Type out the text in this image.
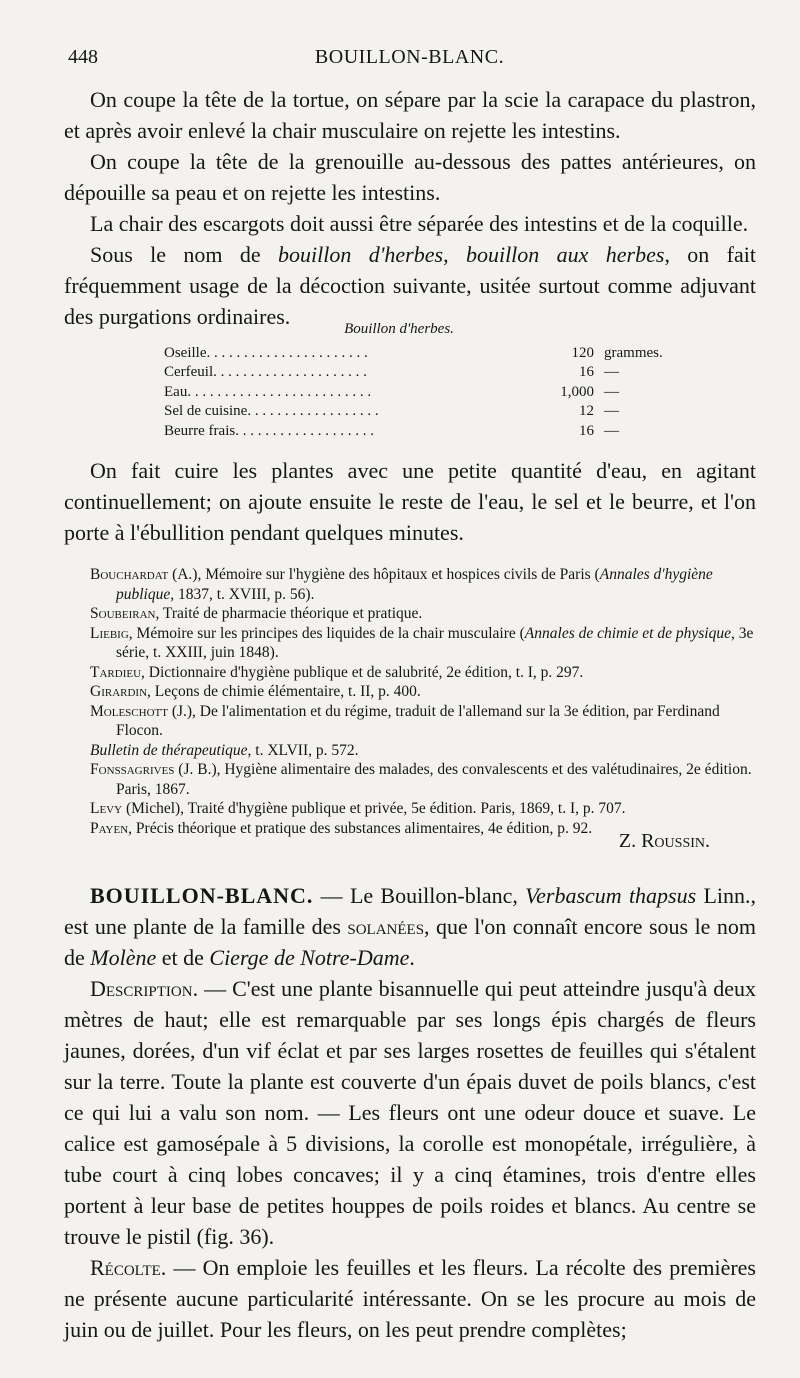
448	BOUILLON-BLANC.

On coupe la tête de la tortue, on sépare par la scie la carapace du plastron, et après avoir enlevé la chair musculaire on rejette les intestins.

On coupe la tête de la grenouille au-dessous des pattes antérieures, on dépouille sa peau et on rejette les intestins.

La chair des escargots doit aussi être séparée des intestins et de la coquille.

Sous le nom de bouillon d'herbes, bouillon aux herbes, on fait fréquemment usage de la décoction suivante, usitée surtout comme adjuvant des purgations ordinaires.	Bouillon d'herbes.
Oseille. . . . . . . . . . . . . . . . . . . . . .	120 grammes.
Cerfeuil. . . . . . . . . . . . . . . . . . . . .	16 —
Eau. . . . . . . . . . . . . . . . . . . . . . . . .	1,000 —
Sel de cuisine. . . . . . . . . . . . . . . . . .	12 —
Beurre frais. . . . . . . . . . . . . . . . . . .	16 —

On fait cuire les plantes avec une petite quantité d'eau, en agitant continuellement; on ajoute ensuite le reste de l'eau, le sel et le beurre, et l'on porte à l'ébullition pendant quelques minutes.

Bouchardat (A.), Mémoire sur l'hygiène des hôpitaux et hospices civils de Paris (Annales d'hygiène publique, 1837, t. XVIII, p. 56).
Soubeiran, Traité de pharmacie théorique et pratique.
Liebig, Mémoire sur les principes des liquides de la chair musculaire (Annales de chimie et de physique, 3e série, t. XXIII, juin 1848).
Tardieu, Dictionnaire d'hygiène publique et de salubrité, 2e édition, t. I, p. 297.
Girardin, Leçons de chimie élémentaire, t. II, p. 400.
Moleschott (J.), De l'alimentation et du régime, traduit de l'allemand sur la 3e édition, par Ferdinand Flocon.
Bulletin de thérapeutique, t. XLVII, p. 572.
Fonssagrives (J. B.), Hygiène alimentaire des malades, des convalescents et des valétudinaires, 2e édition. Paris, 1867.
Levy (Michel), Traité d'hygiène publique et privée, 5e édition. Paris, 1869, t. I, p. 707.
Payen, Précis théorique et pratique des substances alimentaires, 4e édition, p. 92.
Z. Roussin.

BOUILLON-BLANC. — Le Bouillon-blanc, Verbascum thapsus Linn., est une plante de la famille des solanées, que l'on connaît encore sous le nom de Molène et de Cierge de Notre-Dame.

Description. — C'est une plante bisannuelle qui peut atteindre jusqu'à deux mètres de haut; elle est remarquable par ses longs épis chargés de fleurs jaunes, dorées, d'un vif éclat et par ses larges rosettes de feuilles qui s'étalent sur la terre. Toute la plante est couverte d'un épais duvet de poils blancs, c'est ce qui lui a valu son nom. — Les fleurs ont une odeur douce et suave. Le calice est gamosépale à 5 divisions, la corolle est monopétale, irrégulière, à tube court à cinq lobes concaves; il y a cinq étamines, trois d'entre elles portent à leur base de petites houppes de poils roides et blancs. Au centre se trouve le pistil (fig. 36).

Récolte. — On emploie les feuilles et les fleurs. La récolte des premières ne présente aucune particularité intéressante. On se les procure au mois de juin ou de juillet. Pour les fleurs, on les peut prendre complètes;
